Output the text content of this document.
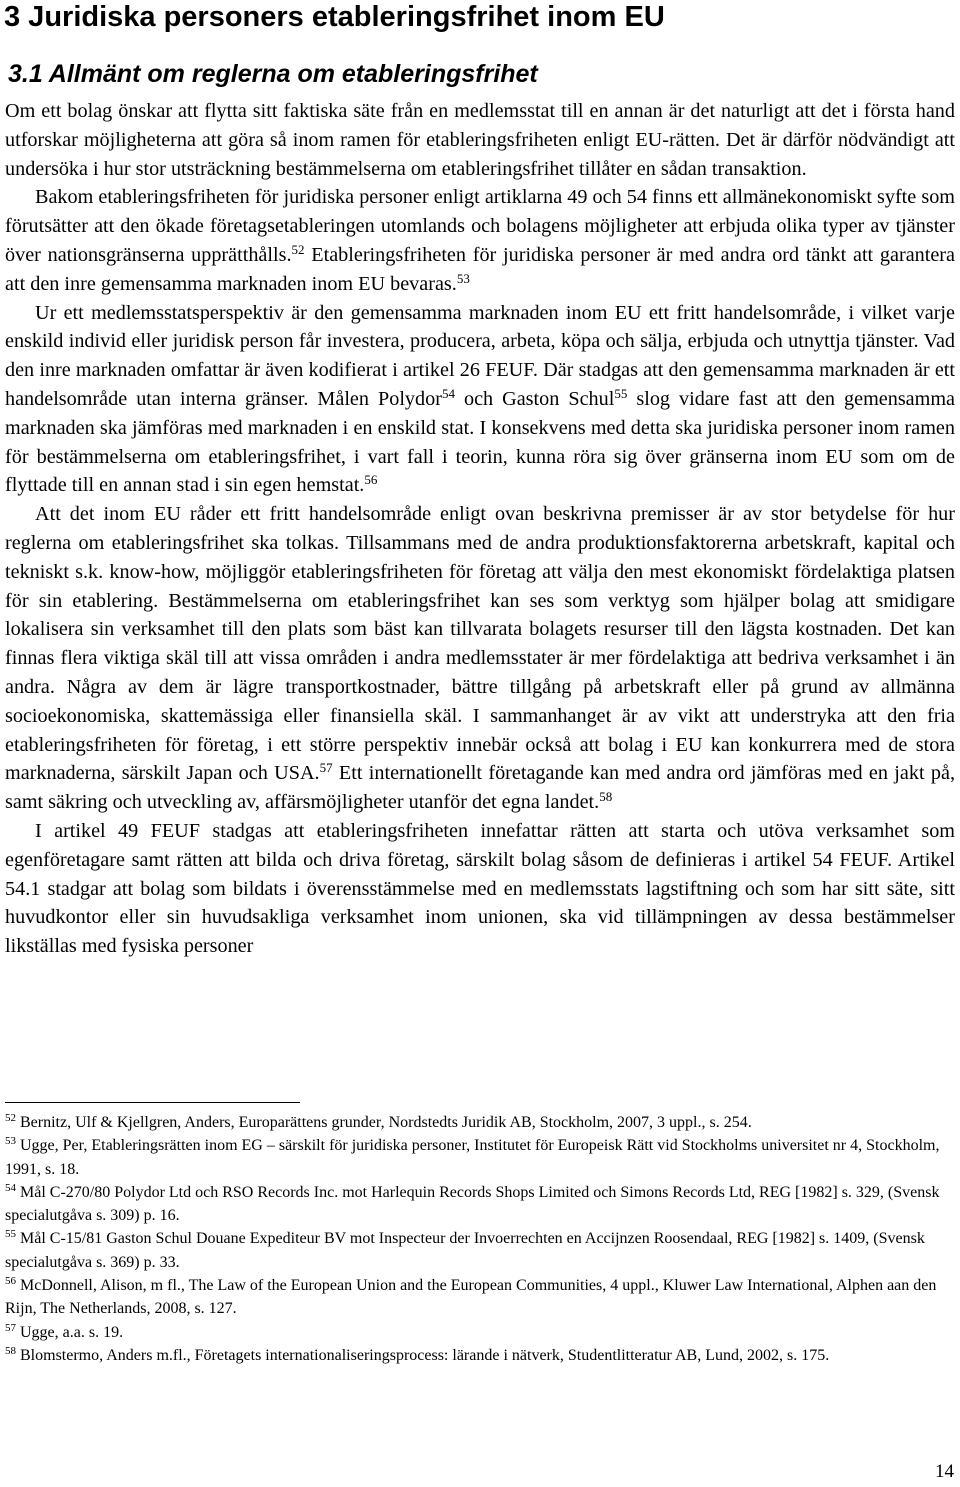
3 Juridiska personers etableringsfrihet inom EU
3.1 Allmänt om reglerna om etableringsfrihet

Om ett bolag önskar att flytta sitt faktiska säte från en medlemsstat till en annan är det naturligt att det i första hand utforskar möjligheterna att göra så inom ramen för etableringsfriheten enligt EU-rätten. Det är därför nödvändigt att undersöka i hur stor utsträckning bestämmelserna om etableringsfrihet tillåter en sådan transaktion.

Bakom etableringsfriheten för juridiska personer enligt artiklarna 49 och 54 finns ett allmänekonomiskt syfte som förutsätter att den ökade företagsetableringen utomlands och bolagens möjligheter att erbjuda olika typer av tjänster över nationsgränserna upprätthålls.$^{52}$ Etableringsfriheten för juridiska personer är med andra ord tänkt att garantera att den inre gemensamma marknaden inom EU bevaras.$^{53}$

Ur ett medlemsstatsperspektiv är den gemensamma marknaden inom EU ett fritt handelsområde, i vilket varje enskild individ eller juridisk person får investera, producera, arbeta, köpa och sälja, erbjuda och utnyttja tjänster. Vad den inre marknaden omfattar är även kodifierat i artikel 26 FEUF. Där stadgas att den gemensamma marknaden är ett handelsområde utan interna gränser. Målen Polydor$^{54}$ och Gaston Schul$^{55}$ slog vidare fast att den gemensamma marknaden ska jämföras med marknaden i en enskild stat. I konsekvens med detta ska juridiska personer inom ramen för bestämmelserna om etableringsfrihet, i vart fall i teorin, kunna röra sig över gränserna inom EU som om de flyttade till en annan stad i sin egen hemstat.$^{56}$

Att det inom EU råder ett fritt handelsområde enligt ovan beskrivna premisser är av stor betydelse för hur reglerna om etableringsfrihet ska tolkas. Tillsammans med de andra produktionsfaktorerna arbetskraft, kapital och tekniskt s.k. know-how, möjliggör etableringsfriheten för företag att välja den mest ekonomiskt fördelaktiga platsen för sin etablering. Bestämmelserna om etableringsfrihet kan ses som verktyg som hjälper bolag att smidigare lokalisera sin verksamhet till den plats som bäst kan tillvarata bolagets resurser till den lägsta kostnaden. Det kan finnas flera viktiga skäl till att vissa områden i andra medlemsstater är mer fördelaktiga att bedriva verksamhet i än andra. Några av dem är lägre transportkostnader, bättre tillgång på arbetskraft eller på grund av allmänna socioekonomiska, skattemässiga eller finansiella skäl. I sammanhanget är av vikt att understryka att den fria etableringsfriheten för företag, i ett större perspektiv innebär också att bolag i EU kan konkurrera med de stora marknaderna, särskilt Japan och USA.$^{57}$ Ett internationellt företagande kan med andra ord jämföras med en jakt på, samt säkring och utveckling av, affärsmöjligheter utanför det egna landet.$^{58}$

I artikel 49 FEUF stadgas att etableringsfriheten innefattar rätten att starta och utöva verksamhet som egenföretagare samt rätten att bilda och driva företag, särskilt bolag såsom de definieras i artikel 54 FEUF. Artikel 54.1 stadgar att bolag som bildats i överensstämmelse med en medlemsstats lagstiftning och som har sitt säte, sitt huvudkontor eller sin huvudsakliga verksamhet inom unionen, ska vid tillämpningen av dessa bestämmelser likställas med fysiska personer

$^{52}$ Bernitz, Ulf & Kjellgren, Anders, Europarättens grunder, Nordstedts Juridik AB, Stockholm, 2007, 3 uppl., s. 254.

$^{53}$ Ugge, Per, Etableringsrätten inom EG – särskilt för juridiska personer, Institutet för Europeisk Rätt vid Stockholms universitet nr 4, Stockholm, 1991, s. 18.

$^{54}$ Mål C-270/80 Polydor Ltd och RSO Records Inc. mot Harlequin Records Shops Limited och Simons Records Ltd, REG [1982] s. 329, (Svensk specialutgåva s. 309) p. 16.

$^{55}$ Mål C-15/81 Gaston Schul Douane Expediteur BV mot Inspecteur der Invoerrechten en Accijnzen Roosendaal, REG [1982] s. 1409, (Svensk specialutgåva s. 369) p. 33.

$^{56}$ McDonnell, Alison, m fl., The Law of the European Union and the European Communities, 4 uppl., Kluwer Law International, Alphen aan den Rijn, The Netherlands, 2008, s. 127.

$^{57}$ Ugge, a.a. s. 19.

$^{58}$ Blomstermo, Anders m.fl., Företagets internationaliseringsprocess: lärande i nätverk, Studentlitteratur AB, Lund, 2002, s. 175.

14
